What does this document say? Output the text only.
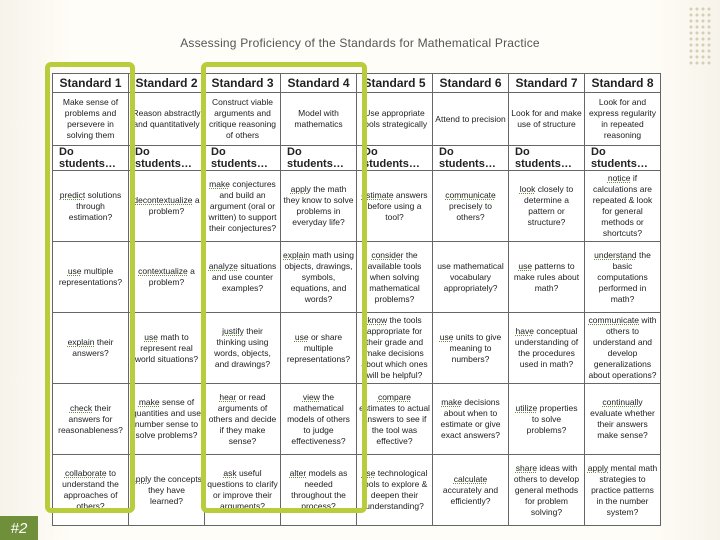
Assessing Proficiency of the Standards for Mathematical Practice
Standard 1	Standard 2	Standard 3	Standard 4	Standard 5	Standard 6	Standard 7	Standard 8
Make sense of problems and persevere in solving them	Reason abstractly and quantitatively	Construct viable arguments and critique reasoning of others	Model with mathematics	Use appropriate tools strategically	Attend to precision	Look for and make use of structure	Look for and express regularity in repeated reasoning
Do students…	Do students…	Do students…	Do students…	Do students…	Do students…	Do students…	Do students…
predict solutions through estimation?	decontextualize a problem?	make conjectures and build an argument (oral or written) to support their conjectures?	apply the math they know to solve problems in everyday life?	estimate answers before using a tool?	communicate precisely to others?	look closely to determine a pattern or structure?	notice if calculations are repeated & look for general methods or shortcuts?
use multiple representations?	contextualize a problem?	analyze situations and use counter examples?	explain math using objects, drawings, symbols, equations, and words?	consider the available tools when solving mathematical problems?	use mathematical vocabulary appropriately?	use patterns to make rules about math?	understand the basic computations performed in math?
explain their answers?	use math to represent real world situations?	justify their thinking using words, objects, and drawings?	use or share multiple representations?	know the tools appropriate for their grade and make decisions about which ones will be helpful?	use units to give meaning to numbers?	have conceptual understanding of the procedures used in math?	communicate with others to understand and develop generalizations about operations?
check their answers for reasonableness?	make sense of quantities and use number sense to solve problems?	hear or read arguments of others and decide if they make sense?	view the mathematical models of others to judge effectiveness?	compare estimates to actual answers to see if the tool was effective?	make decisions about when to estimate or give exact answers?	utilize properties to solve problems?	continually evaluate whether their answers make sense?
collaborate to understand the approaches of others?	apply the concepts they have learned?	ask useful questions to clarify or improve their arguments?	alter models as needed throughout the process?	use technological tools to explore & deepen their understanding?	calculate accurately and efficiently?	share ideas with others to develop general methods for problem solving?	apply mental math strategies to practice patterns in the number system?
#2
